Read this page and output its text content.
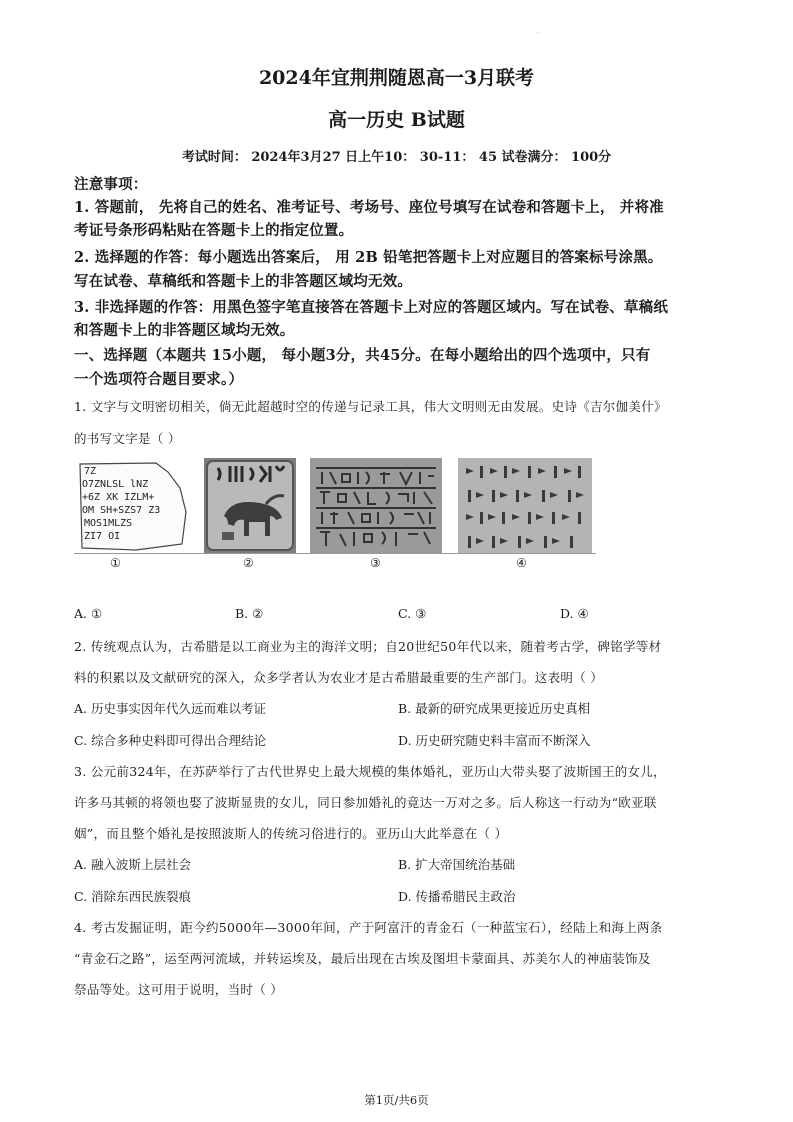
·
2024年宜荆荆随恩高一3月联考
高一历史 B试题
考试时间： 2024年3月27 日上午10： 30-11： 45 试卷满分： 100分
注意事项：
1. 答题前， 先将自己的姓名、准考证号、考场号、座位号填写在试卷和答题卡上， 并将准
考证号条形码粘贴在答题卡上的指定位置。
2. 选择题的作答：每小题选出答案后， 用 2B 铅笔把答题卡上对应题目的答案标号涂黑。
写在试卷、草稿纸和答题卡上的非答题区域均无效。
3. 非选择题的作答：用黑色签字笔直接答在答题卡上对应的答题区域内。写在试卷、草稿纸
和答题卡上的非答题区域均无效。
一、选择题（本题共 15小题， 每小题3分，共45分。在每小题给出的四个选项中，只有
一个选项符合题目要求。）
1. 文字与文明密切相关，倘无此超越时空的传递与记录工具，伟大文明则无由发展。史诗《吉尔伽美什》
的书写文字是（ ）
7Z
O7ZNLSL lNZ
+6Z XK IZLM+
OM SH+SZS7 Z3
MOS1MLZS
ZI7 OI
①	②	③	④
A. ①	B. ②	C. ③	D. ④
2. 传统观点认为，古希腊是以工商业为主的海洋文明；自20世纪50年代以来，随着考古学，碑铭学等材
料的积累以及文献研究的深入，众多学者认为农业才是古希腊最重要的生产部门。这表明（ ）
A. 历史事实因年代久远而难以考证	B. 最新的研究成果更接近历史真相
C. 综合多种史料即可得出合理结论	D. 历史研究随史料丰富而不断深入
3. 公元前324年，在苏萨举行了古代世界史上最大规模的集体婚礼，亚历山大带头娶了波斯国王的女儿，
许多马其顿的将领也娶了波斯显贵的女儿，同日参加婚礼的竟达一万对之多。后人称这一行动为“欧亚联
姻”，而且整个婚礼是按照波斯人的传统习俗进行的。亚历山大此举意在（ ）
A. 融入波斯上层社会	B. 扩大帝国统治基础
C. 消除东西民族裂痕	D. 传播希腊民主政治
4. 考古发掘证明，距今约5000年—3000年间，产于阿富汗的青金石（一种蓝宝石），经陆上和海上两条
“青金石之路”，运至两河流域，并转运埃及，最后出现在古埃及图坦卡蒙面具、苏美尔人的神庙装饰及
祭品等处。这可用于说明，当时（ ）
第1页/共6页
